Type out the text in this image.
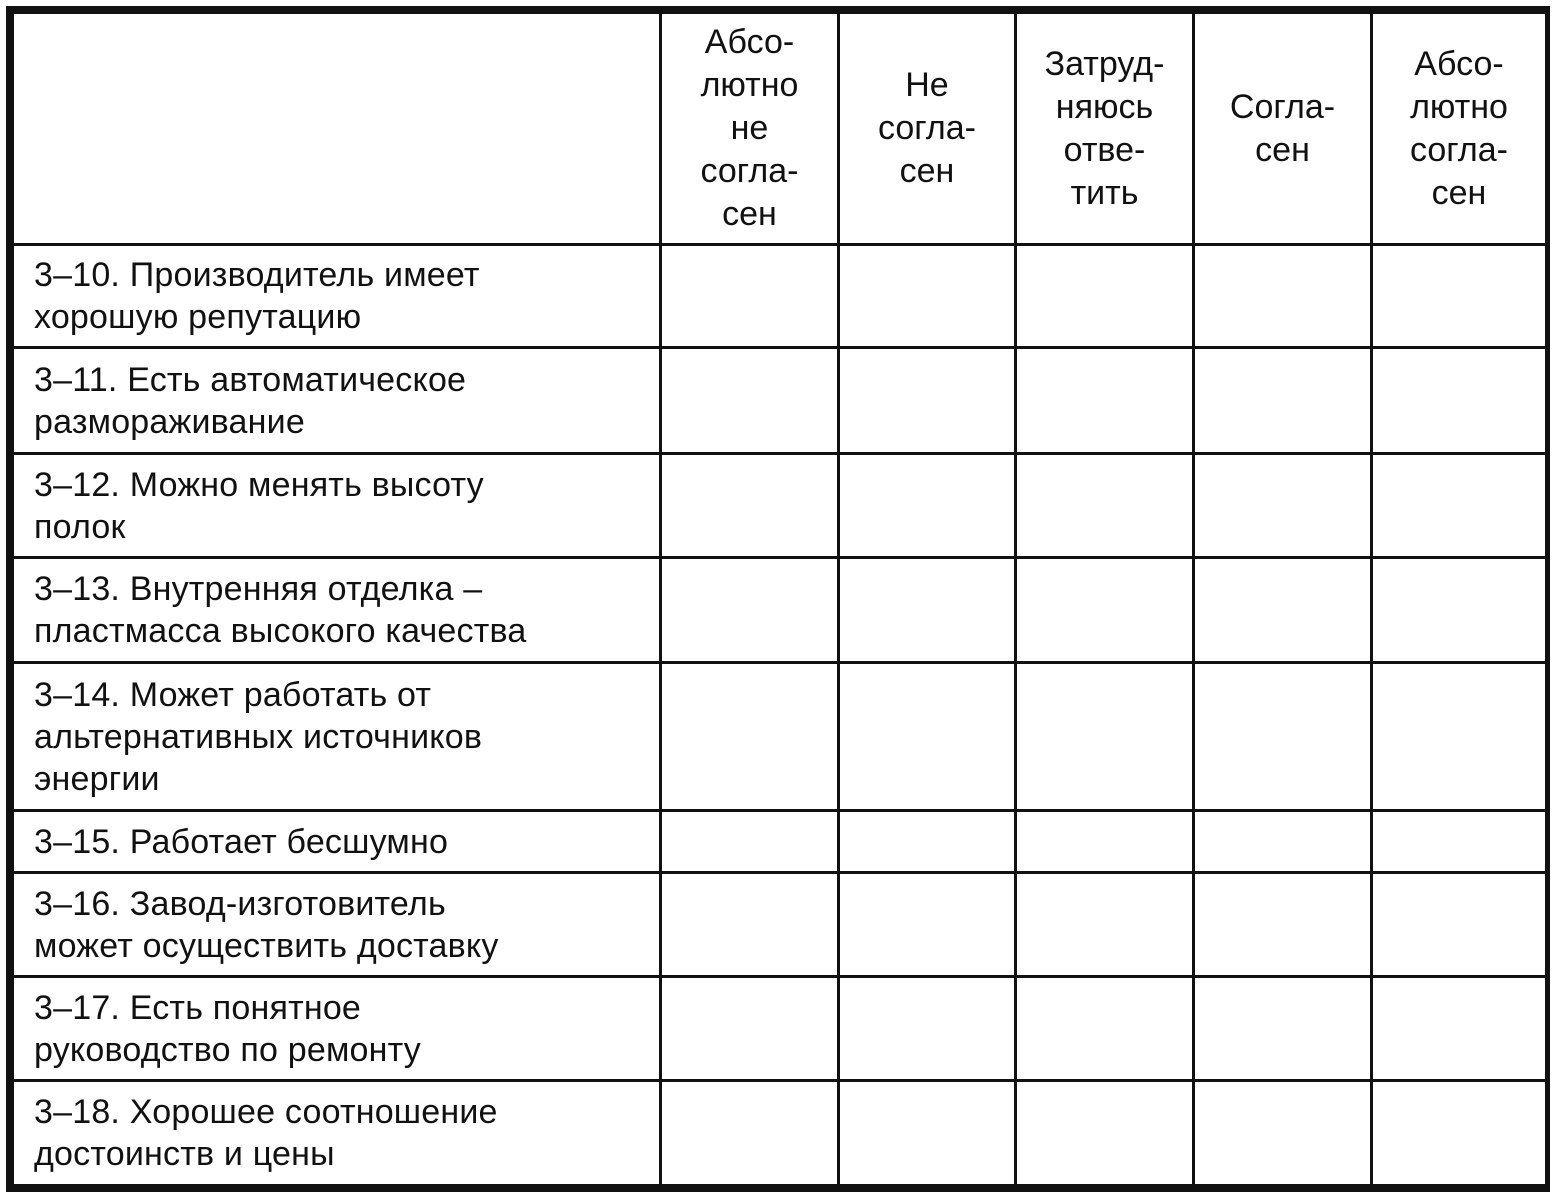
	Абсо-
лютно
не
согла-
сен	Не
согла-
сен	Затруд-
няюсь
отве-
тить	Согла-
сен	Абсо-
лютно
согла-
сен
3–10. Производитель имеет
хорошую репутацию					
3–11. Есть автоматическое
размораживание					
3–12. Можно менять высоту
полок					
3–13. Внутренняя отделка –
пластмасса высокого качества					
3–14. Может работать от
альтернативных источников
энергии					
3–15. Работает бесшумно					
3–16. Завод-изготовитель
может осуществить доставку					
3–17. Есть понятное
руководство по ремонту					
3–18. Хорошее соотношение
достоинств и цены					
